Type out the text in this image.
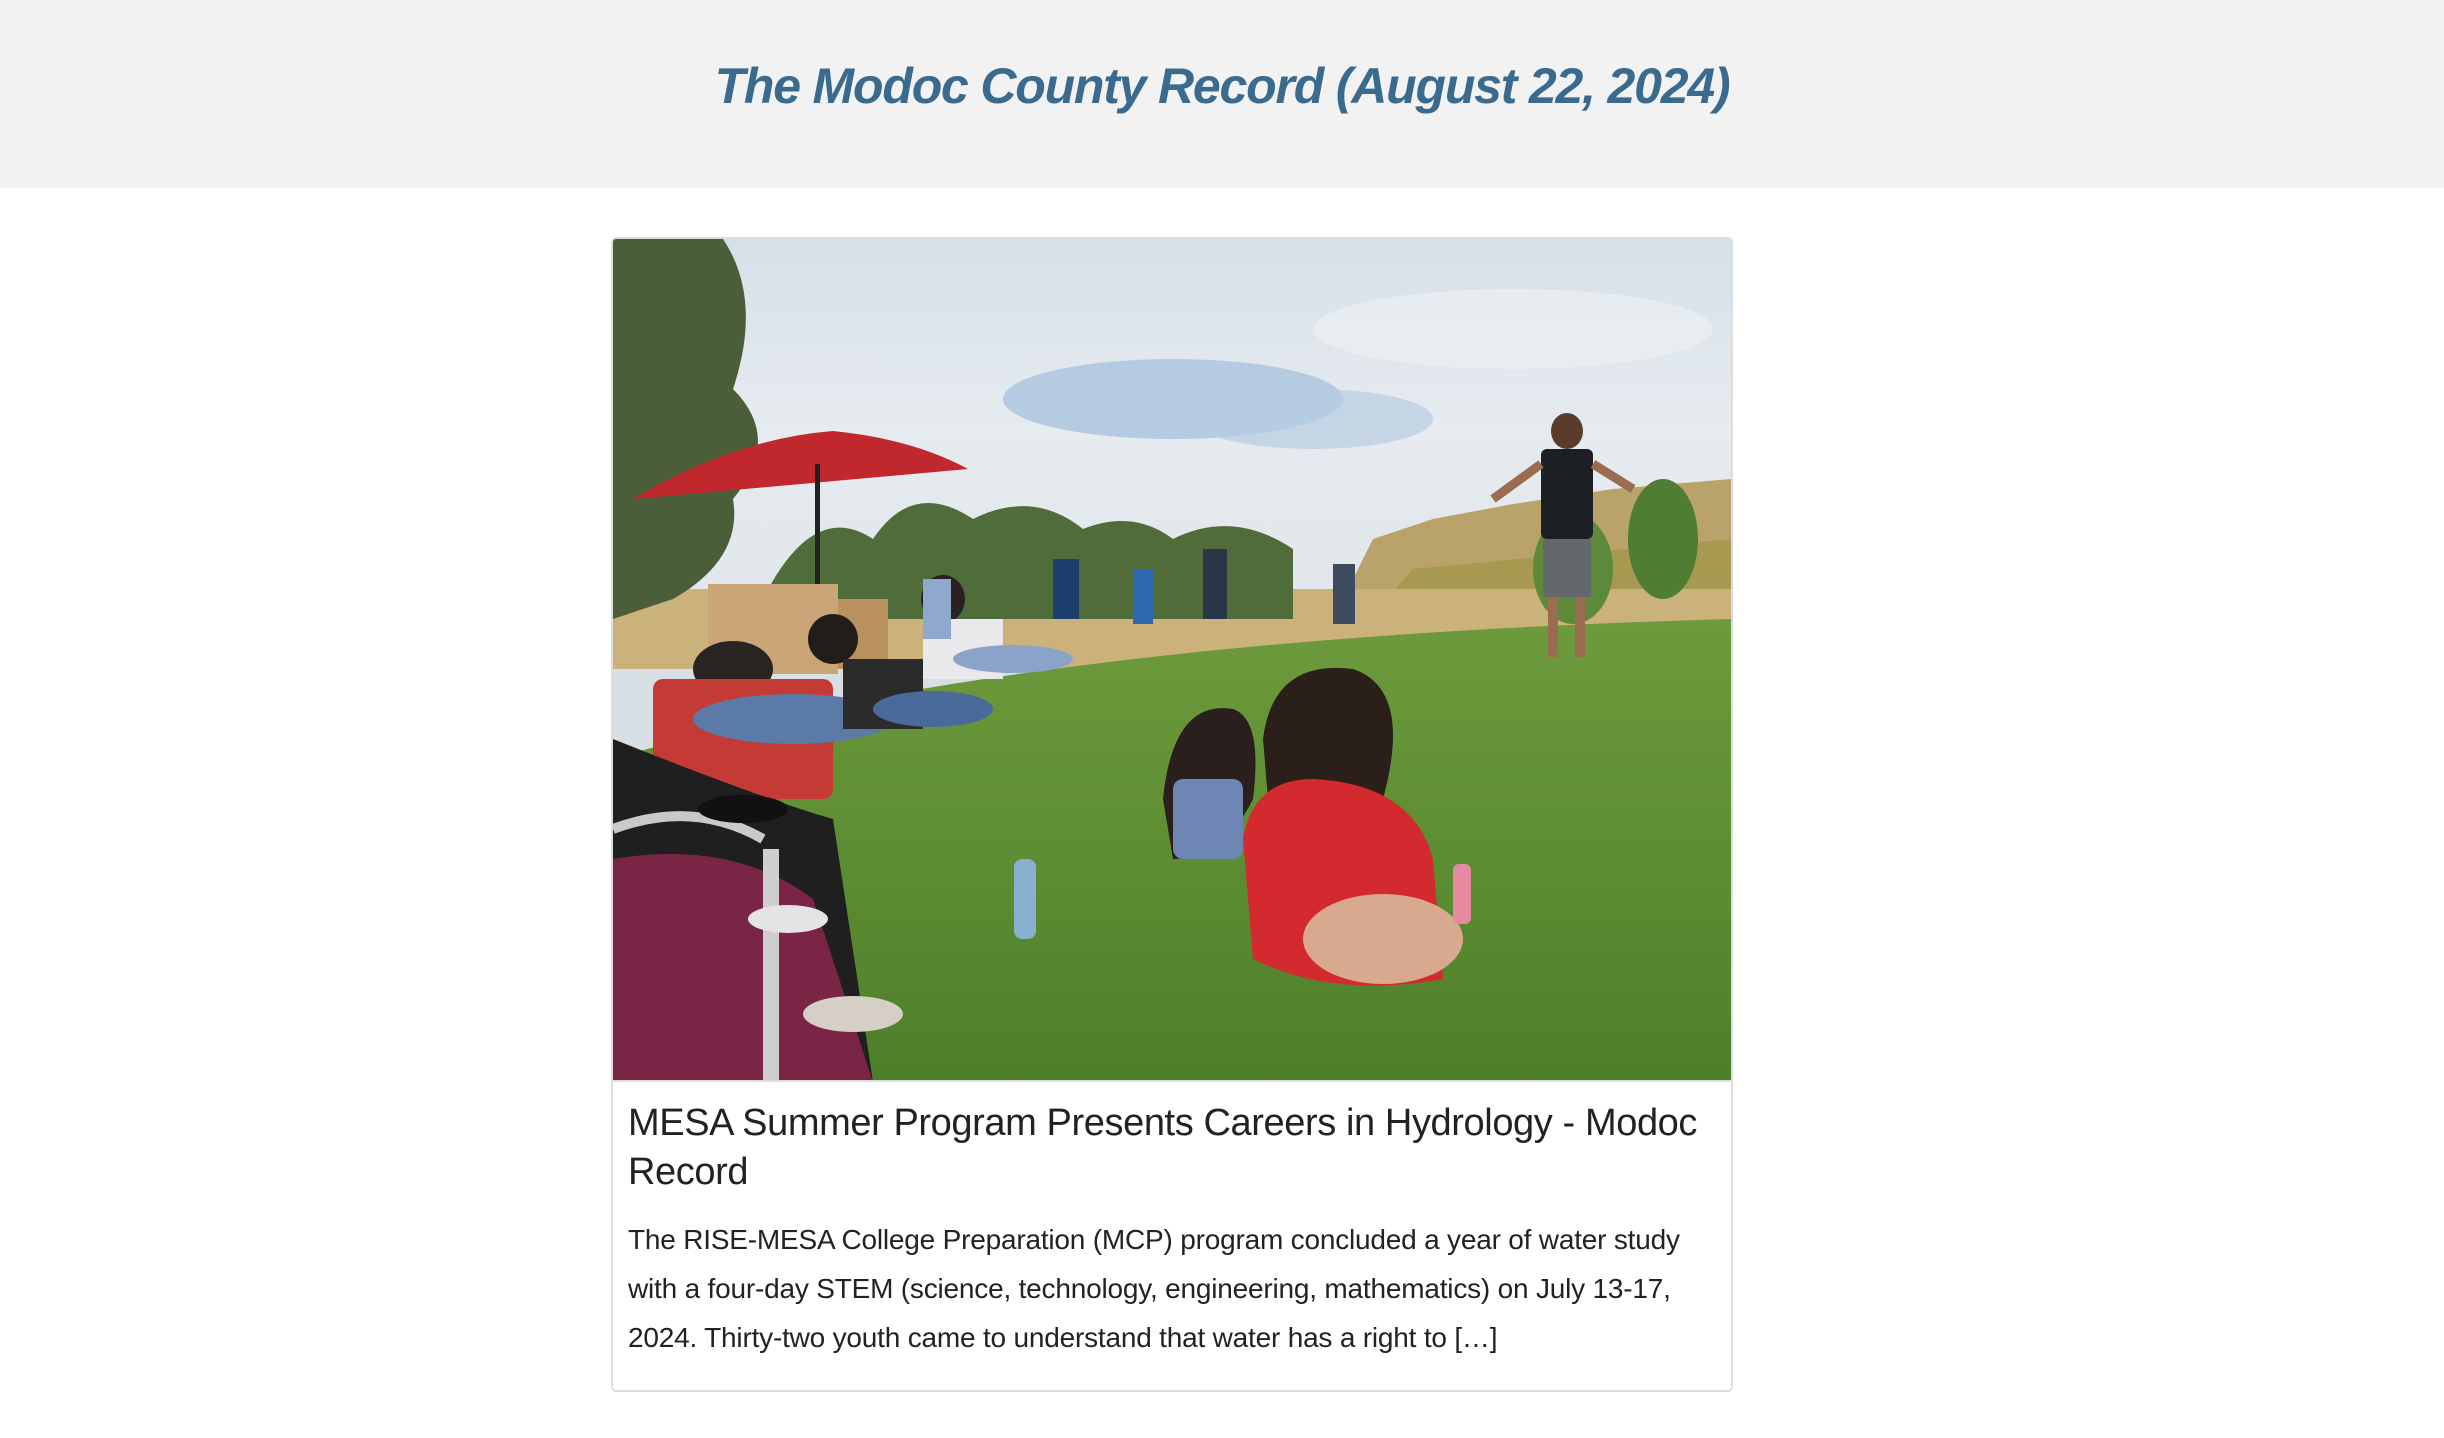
The Modoc County Record (August 22, 2024)
MESA Summer Program Presents Careers in Hydrology - Modoc Record

The RISE-MESA College Preparation (MCP) program concluded a year of water study with a four-day STEM (science, technology, engineering, mathematics) on July 13-17, 2024. Thirty-two youth came to understand that water has a right to […]
